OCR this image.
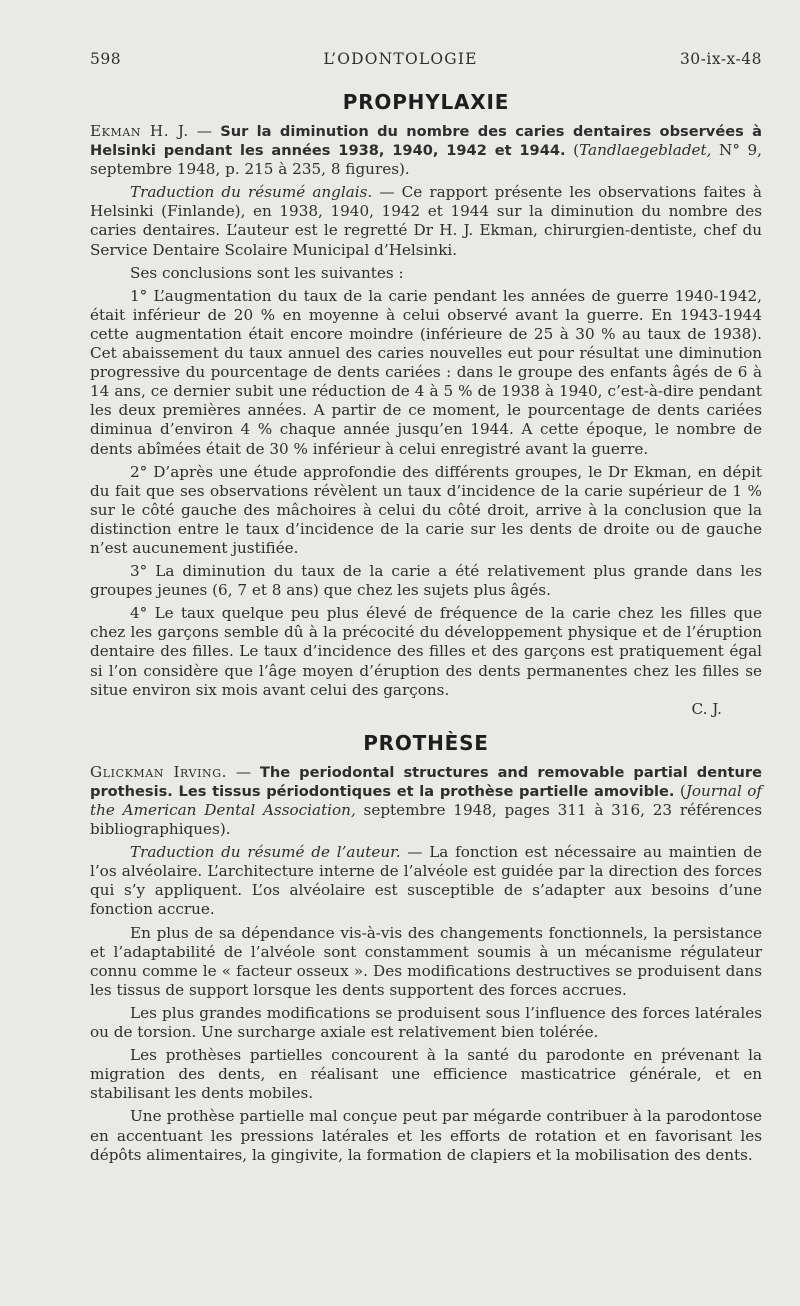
598	L’ODONTOLOGIE	30-ix-x-48
PROPHYLAXIE

Ekman H. J. — Sur la diminution du nombre des caries dentaires observées à Helsinki pendant les années 1938, 1940, 1942 et 1944. (Tandlaegebladet, N° 9, septembre 1948, p. 215 à 235, 8 figures).

Traduction du résumé anglais. — Ce rapport présente les observations faites à Helsinki (Finlande), en 1938, 1940, 1942 et 1944 sur la diminution du nombre des caries dentaires. L’auteur est le regretté Dr H. J. Ekman, chirurgien-dentiste, chef du Service Dentaire Scolaire Municipal d’Helsinki.

Ses conclusions sont les suivantes :

1° L’augmentation du taux de la carie pendant les années de guerre 1940-1942, était inférieur de 20 % en moyenne à celui observé avant la guerre. En 1943-1944 cette augmentation était encore moindre (inférieure de 25 à 30 % au taux de 1938). Cet abaissement du taux annuel des caries nouvelles eut pour résultat une diminution progressive du pourcentage de dents cariées : dans le groupe des enfants âgés de 6 à 14 ans, ce dernier subit une réduction de 4 à 5 % de 1938 à 1940, c’est-à-dire pendant les deux premières années. A partir de ce moment, le pourcentage de dents cariées diminua d’environ 4 % chaque année jusqu’en 1944. A cette époque, le nombre de dents abîmées était de 30 % inférieur à celui enregistré avant la guerre.

2° D’après une étude approfondie des différents groupes, le Dr Ekman, en dépit du fait que ses observations révèlent un taux d’incidence de la carie supérieur de 1 % sur le côté gauche des mâchoires à celui du côté droit, arrive à la conclusion que la distinction entre le taux d’incidence de la carie sur les dents de droite ou de gauche n’est aucunement justifiée.

3° La diminution du taux de la carie a été relativement plus grande dans les groupes jeunes (6, 7 et 8 ans) que chez les sujets plus âgés.

4° Le taux quelque peu plus élevé de fréquence de la carie chez les filles que chez les garçons semble dû à la précocité du développement physique et de l’éruption dentaire des filles. Le taux d’incidence des filles et des garçons est pratiquement égal si l’on considère que l’âge moyen d’éruption des dents permanentes chez les filles se situe environ six mois avant celui des garçons.

C. J.

PROTHÈSE

Glickman Irving. — The periodontal structures and removable partial denture prothesis. Les tissus périodontiques et la prothèse partielle amovible. (Journal of the American Dental Association, septembre 1948, pages 311 à 316, 23 références bibliographiques).

Traduction du résumé de l’auteur. — La fonction est nécessaire au maintien de l’os alvéolaire. L’architecture interne de l’alvéole est guidée par la direction des forces qui s’y appliquent. L’os alvéolaire est susceptible de s’adapter aux besoins d’une fonction accrue.

En plus de sa dépendance vis-à-vis des changements fonctionnels, la persistance et l’adaptabilité de l’alvéole sont constamment soumis à un mécanisme régulateur connu comme le « facteur osseux ». Des modifications destructives se produisent dans les tissus de support lorsque les dents supportent des forces accrues.

Les plus grandes modifications se produisent sous l’influence des forces latérales ou de torsion. Une surcharge axiale est relativement bien tolérée.

Les prothèses partielles concourent à la santé du parodonte en prévenant la migration des dents, en réalisant une efficience masticatrice générale, et en stabilisant les dents mobiles.

Une prothèse partielle mal conçue peut par mégarde contribuer à la parodontose en accentuant les pressions latérales et les efforts de rotation et en favorisant les dépôts alimentaires, la gingivite, la formation de clapiers et la mobilisation des dents.
